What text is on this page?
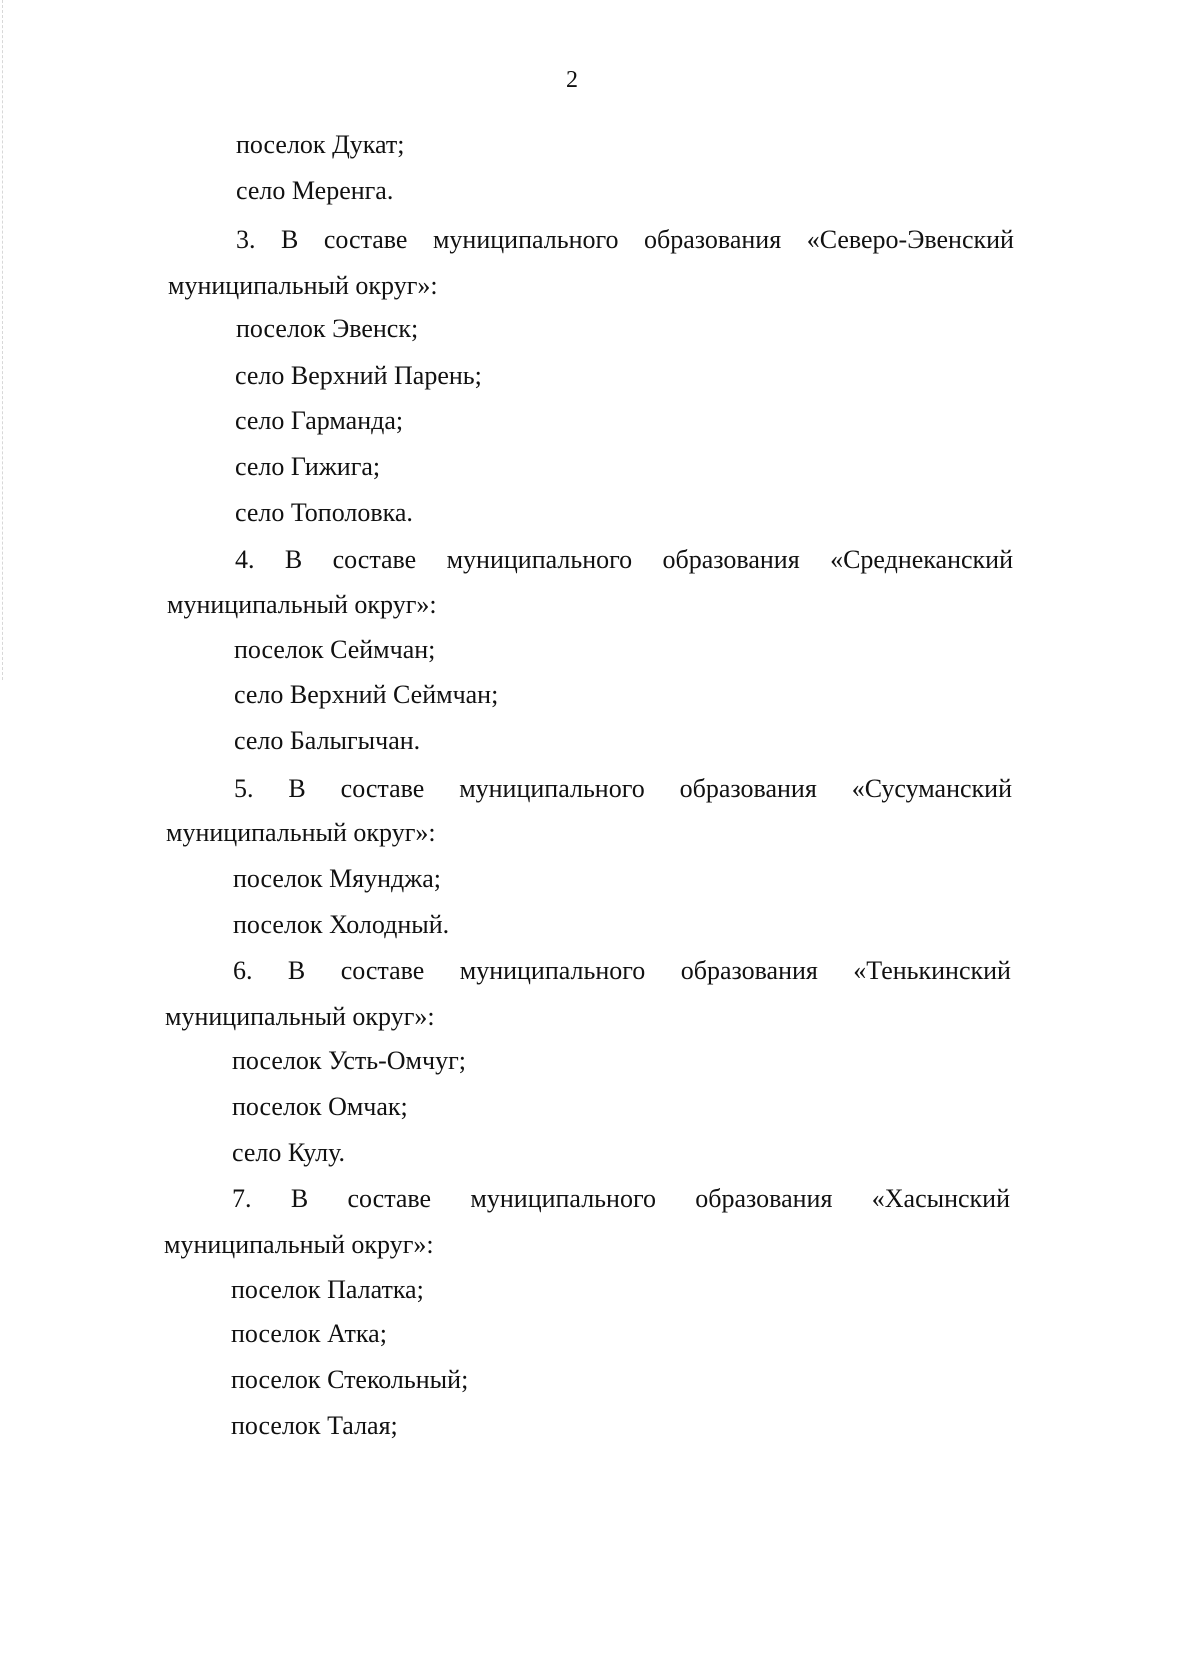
2
поселок Дукат;
село Меренга.
3. В составе муниципального образования «Северо-Эвенский
муниципальный округ»:
поселок Эвенск;
село Верхний Парень;
село Гарманда;
село Гижига;
село Тополовка.
4. В составе муниципального образования «Среднеканский
муниципальный округ»:
поселок Сеймчан;
село Верхний Сеймчан;
село Балыгычан.
5. В составе муниципального образования «Сусуманский
муниципальный округ»:
поселок Мяунджа;
поселок Холодный.
6. В составе муниципального образования «Тенькинский
муниципальный округ»:
поселок Усть-Омчуг;
поселок Омчак;
село Кулу.
7. В составе муниципального образования «Хасынский
муниципальный округ»:
поселок Палатка;
поселок Атка;
поселок Стекольный;
поселок Талая;
